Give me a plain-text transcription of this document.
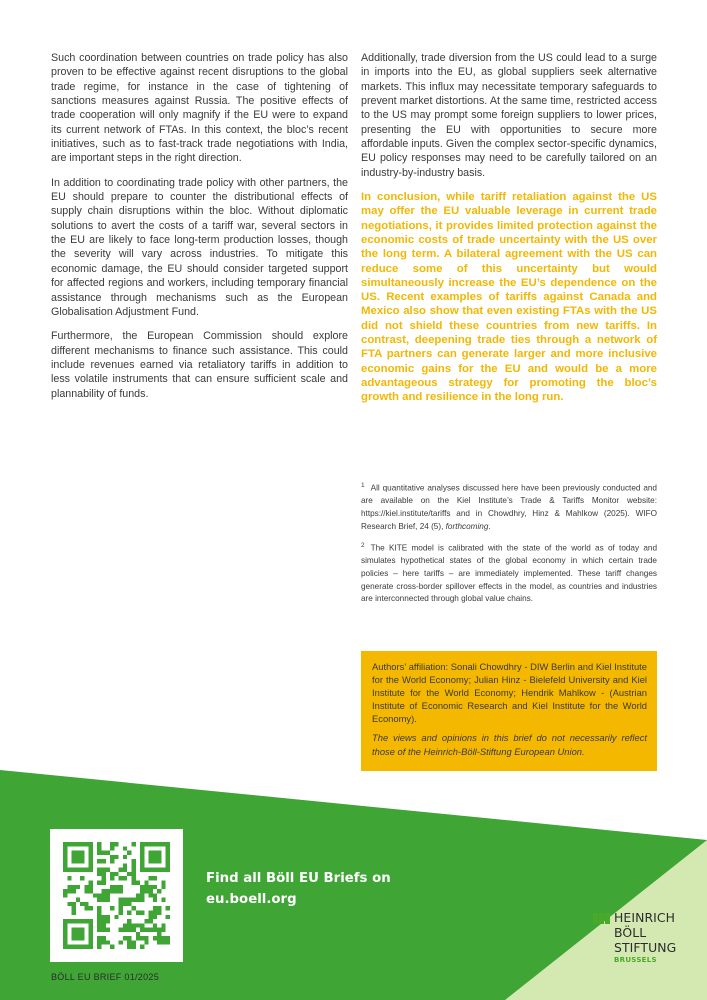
Such coordination between countries on trade policy has also proven to be effective against recent disruptions to the global trade regime, for instance in the case of tightening of sanctions measures against Russia. The positive effects of trade cooperation will only magnify if the EU were to expand its current network of FTAs. In this context, the bloc’s recent initiatives, such as to fast-track trade negotiations with India, are important steps in the right direction.

In addition to coordinating trade policy with other partners, the EU should prepare to counter the distributional effects of supply chain disruptions within the bloc. Without diplomatic solutions to avert the costs of a tariff war, several sectors in the EU are likely to face long-term production losses, though the severity will vary across industries. To mitigate this economic damage, the EU should consider targeted support for affected regions and workers, including temporary financial assistance through mechanisms such as the European Globalisation Adjustment Fund.

Furthermore, the European Commission should explore different mechanisms to finance such assistance. This could include revenues earned via retaliatory tariffs in addition to less volatile instruments that can ensure sufficient scale and plannability of funds.

Additionally, trade diversion from the US could lead to a surge in imports into the EU, as global suppliers seek alternative markets. This influx may necessitate temporary safeguards to prevent market distortions. At the same time, restricted access to the US may prompt some foreign suppliers to lower prices, presenting the EU with opportunities to secure more affordable inputs. Given the complex sector-specific dynamics, EU policy responses may need to be carefully tailored on an industry-by-industry basis.

In conclusion, while tariff retaliation against the US may offer the EU valuable leverage in current trade negotiations, it provides limited protection against the economic costs of trade uncertainty with the US over the long term. A bilateral agreement with the US can reduce some of this uncertainty but would simultaneously increase the EU’s dependence on the US. Recent examples of tariffs against Canada and Mexico also show that even existing FTAs with the US did not shield these countries from new tariffs. In contrast, deepening trade ties through a network of FTA partners can generate larger and more inclusive economic gains for the EU and would be a more advantageous strategy for promoting the bloc’s growth and resilience in the long run.

$^1$ All quantitative analyses discussed here have been previously conducted and are available on the Kiel Institute’s Trade & Tariffs Monitor website: https://kiel.institute/tariffs and in Chowdhry, Hinz & Mahlkow (2025). WIFO Research Brief, 24 (5), forthcoming.

$^2$ The KITE model is calibrated with the state of the world as of today and simulates hypothetical states of the global economy in which certain trade policies – here tariffs – are immediately implemented. These tariff changes generate cross-border spillover effects in the model, as countries and industries are interconnected through global value chains.

Authors’ affiliation: Sonali Chowdhry - DIW Berlin and Kiel Institute for the World Economy; Julian Hinz - Bielefeld University and Kiel Institute for the World Economy; Hendrik Mahlkow - (Austrian Institute of Economic Research and Kiel Institute for the World Economy).

The views and opinions in this brief do not necessarily reflect those of the Heinrich-Böll-Stiftung European Union.

Find all Böll EU Briefs on
eu.boell.org
BÖLL EU BRIEF 01/2025
HEINRICH
BÖLL
STIFTUNG
BRUSSELS
